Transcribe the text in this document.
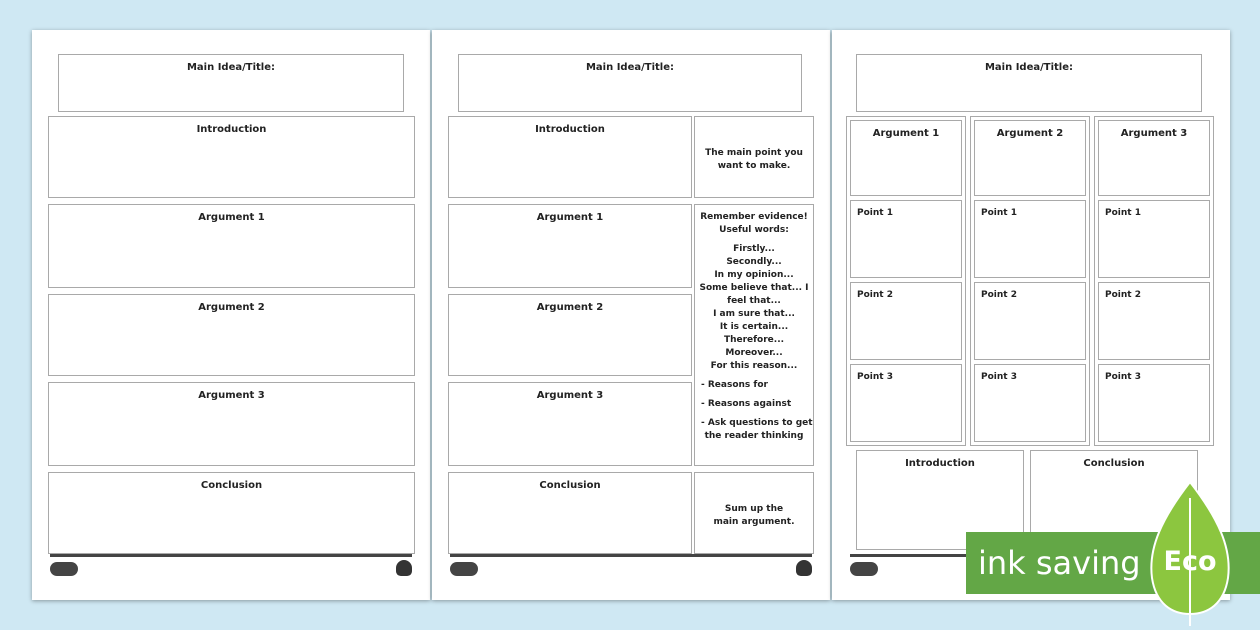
Main Idea/Title:
Introduction
Argument 1
Argument 2
Argument 3
Conclusion
Main Idea/Title:
Introduction

The main point you

want to make.

Argument 1
Argument 2
Argument 3

Remember evidence!

Useful words:

Firstly...

Secondly...

In my opinion...

Some believe that... I

feel that...

I am sure that...

It is certain...

Therefore...

Moreover...

For this reason...

- Reasons for

- Reasons against

- Ask questions to get

the reader thinking

Conclusion

Sum up the

main argument.

Main Idea/Title:
Argument 1
Point 1
Point 2
Point 3
Argument 2
Point 1
Point 2
Point 3
Argument 3
Point 1
Point 2
Point 3
Introduction	Conclusion
ink saving Eco
